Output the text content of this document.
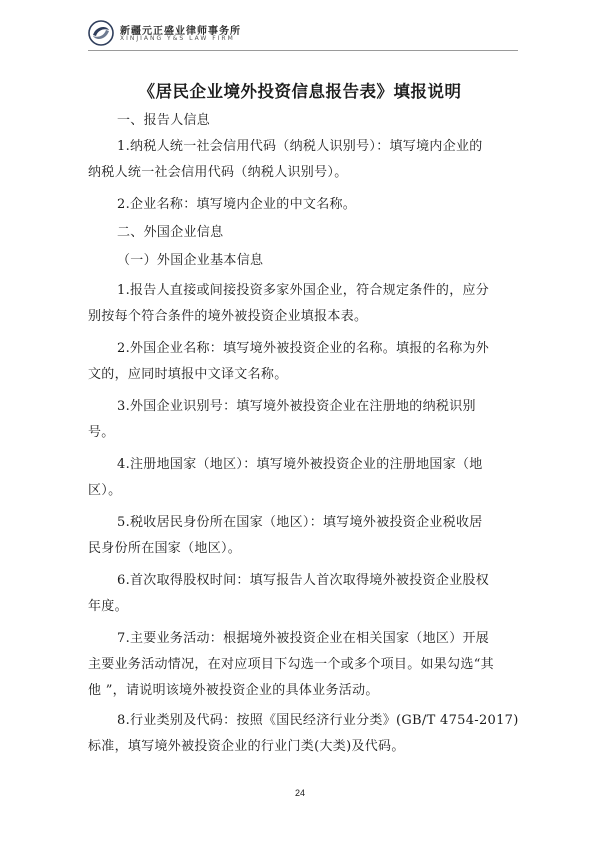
新疆元正盛业律师事务所
XINJIANG Y&S LAW FIRM
《居民企业境外投资信息报告表》填报说明
一、报告人信息
1.纳税人统一社会信用代码（纳税人识别号）：填写境内企业的
纳税人统一社会信用代码（纳税人识别号）。
2.企业名称：填写境内企业的中文名称。
二、外国企业信息
（一）外国企业基本信息
1.报告人直接或间接投资多家外国企业，符合规定条件的，应分
别按每个符合条件的境外被投资企业填报本表。
2.外国企业名称：填写境外被投资企业的名称。填报的名称为外
文的，应同时填报中文译文名称。
3.外国企业识别号：填写境外被投资企业在注册地的纳税识别
号。
4.注册地国家（地区）：填写境外被投资企业的注册地国家（地
区）。
5.税收居民身份所在国家（地区）：填写境外被投资企业税收居
民身份所在国家（地区）。
6.首次取得股权时间：填写报告人首次取得境外被投资企业股权
年度。
7.主要业务活动：根据境外被投资企业在相关国家（地区）开展
主要业务活动情况，在对应项目下勾选一个或多个项目。如果勾选“其
他 ”，请说明该境外被投资企业的具体业务活动。
8.行业类别及代码：按照《国民经济行业分类》(GB/T 4754-2017)
标准，填写境外被投资企业的行业门类(大类)及代码。
24
